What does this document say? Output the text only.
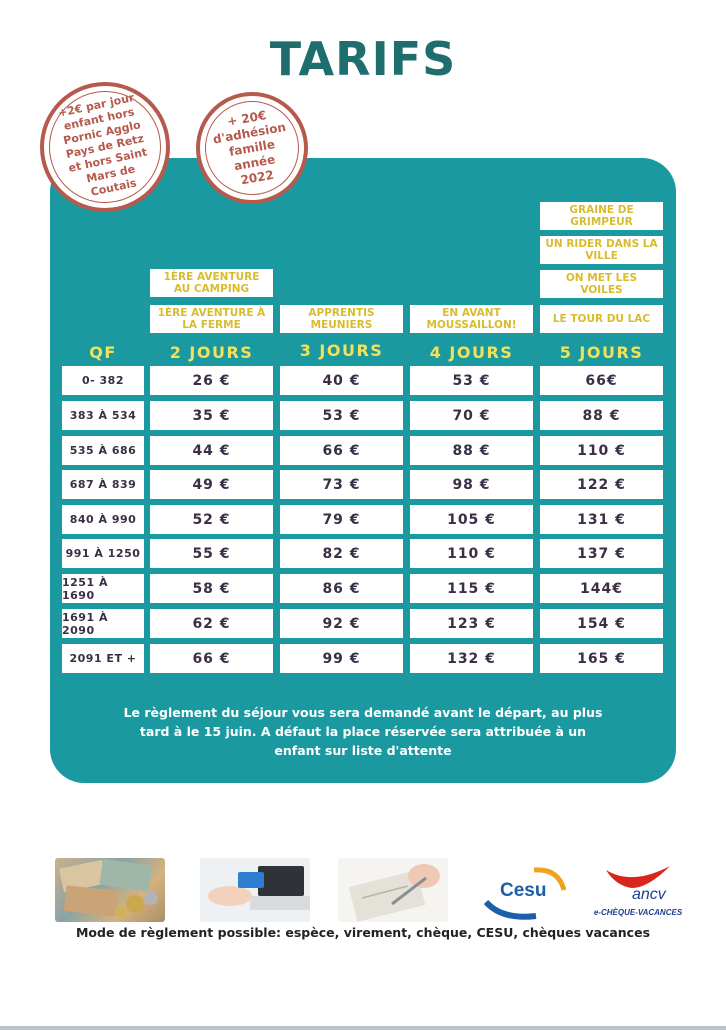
TARIFS
+2€ par jour enfant hors Pornic Agglo Pays de Retz et hors Saint Mars de Coutais
+ 20€ d'adhésion famille année 2022
1ÈRE AVENTURE AU CAMPING
1ÈRE AVENTURE À LA FERME
APPRENTIS MEUNIERS
EN AVANT MOUSSAILLON!
GRAINE DE GRIMPEUR
UN RIDER DANS LA VILLE
ON MET LES VOILES
LE TOUR DU LAC
QF	2 JOURS	3 JOURS	4 JOURS	5 JOURS
0- 382	26 €	40 €	53 €	66€
383 À 534	35 €	53 €	70 €	88 €
535 À 686	44 €	66 €	88 €	110 €
687 À 839	49 €	73 €	98 €	122 €
840 À 990	52 €	79 €	105 €	131 €
991 À 1250	55 €	82 €	110 €	137 €
1251 À 1690	58 €	86 €	115 €	144€
1691 À 2090	62 €	92 €	123 €	154 €
2091 ET +	66 €	99 €	132 €	165 €
Le règlement du séjour vous sera demandé avant le départ, au plus tard à le 15 juin. A défaut la place réservée sera attribuée à un enfant sur liste d'attente
Cesu	ancv
e-CHÈQUE-VACANCES
Mode de règlement possible: espèce, virement, chèque, CESU, chèques vacances
